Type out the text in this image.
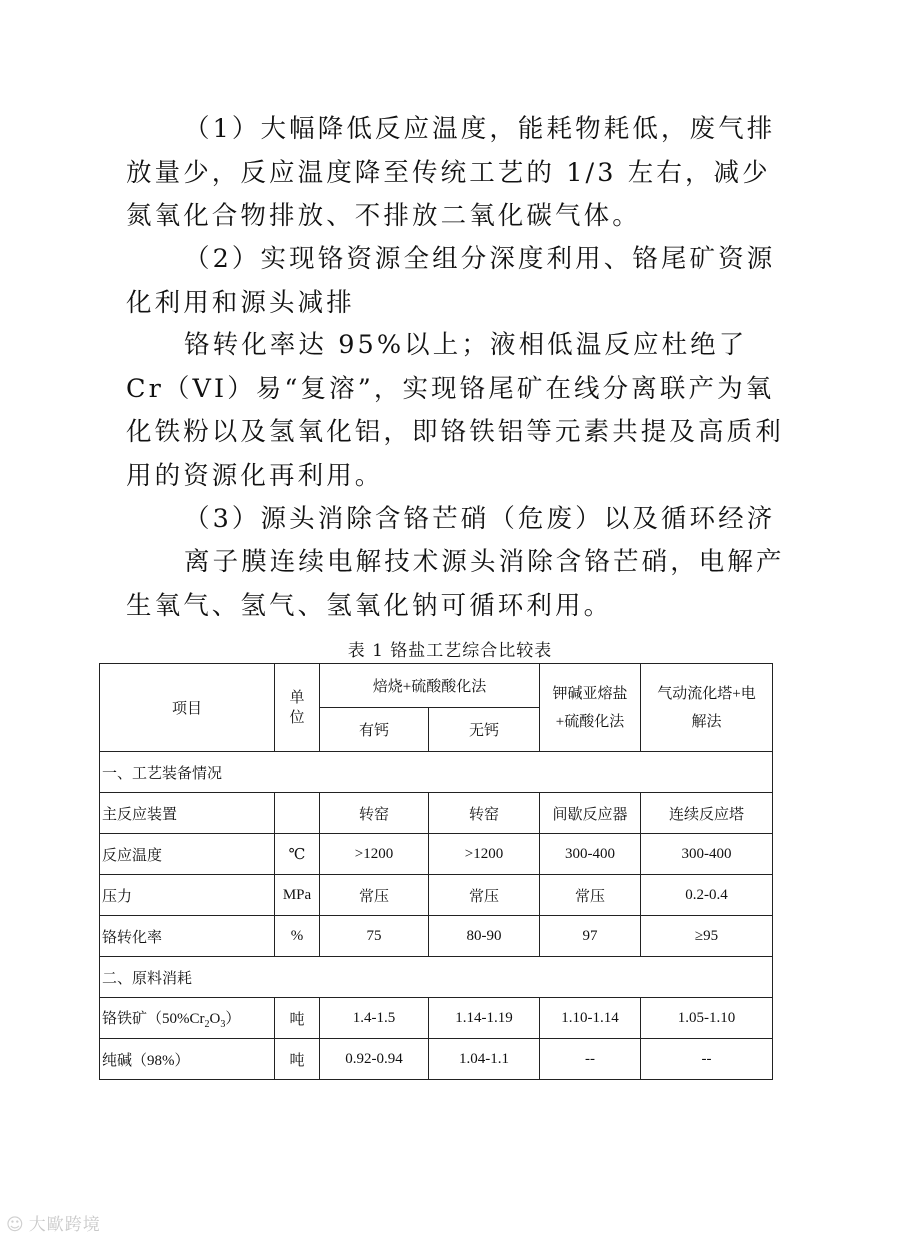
（1）大幅降低反应温度，能耗物耗低，废气排放量少，反应温度降至传统工艺的 1/3 左右，减少氮氧化合物排放、不排放二氧化碳气体。

（2）实现铬资源全组分深度利用、铬尾矿资源化利用和源头减排

铬转化率达 95%以上；液相低温反应杜绝了 Cr（VI）易“复溶”，实现铬尾矿在线分离联产为氧化铁粉以及氢氧化铝，即铬铁铝等元素共提及高质利用的资源化再利用。

（3）源头消除含铬芒硝（危废）以及循环经济

离子膜连续电解技术源头消除含铬芒硝，电解产生氧气、氢气、氢氧化钠可循环利用。

表 1 铬盐工艺综合比较表
项目	单位	焙烧+硫酸酸化法		钾碱亚熔盐+硫酸化法	气动流化塔+电解法
		有钙	无钙		
一、工艺装备情况					
主反应装置		转窑	转窑	间歇反应器	连续反应塔
反应温度	℃	>1200	>1200	300-400	300-400
压力	MPa	常压	常压	常压	0.2-0.4
铬转化率	%	75	80-90	97	≥95
二、原料消耗					
铬铁矿$(50\%Cr_2O_3)$	吨	1.4-1.5	1.14-1.19	1.10-1.14	1.05-1.10
纯碱（98%）	吨	0.92-0.94	1.04-1.1	--	--
☺ 大歐跨境
